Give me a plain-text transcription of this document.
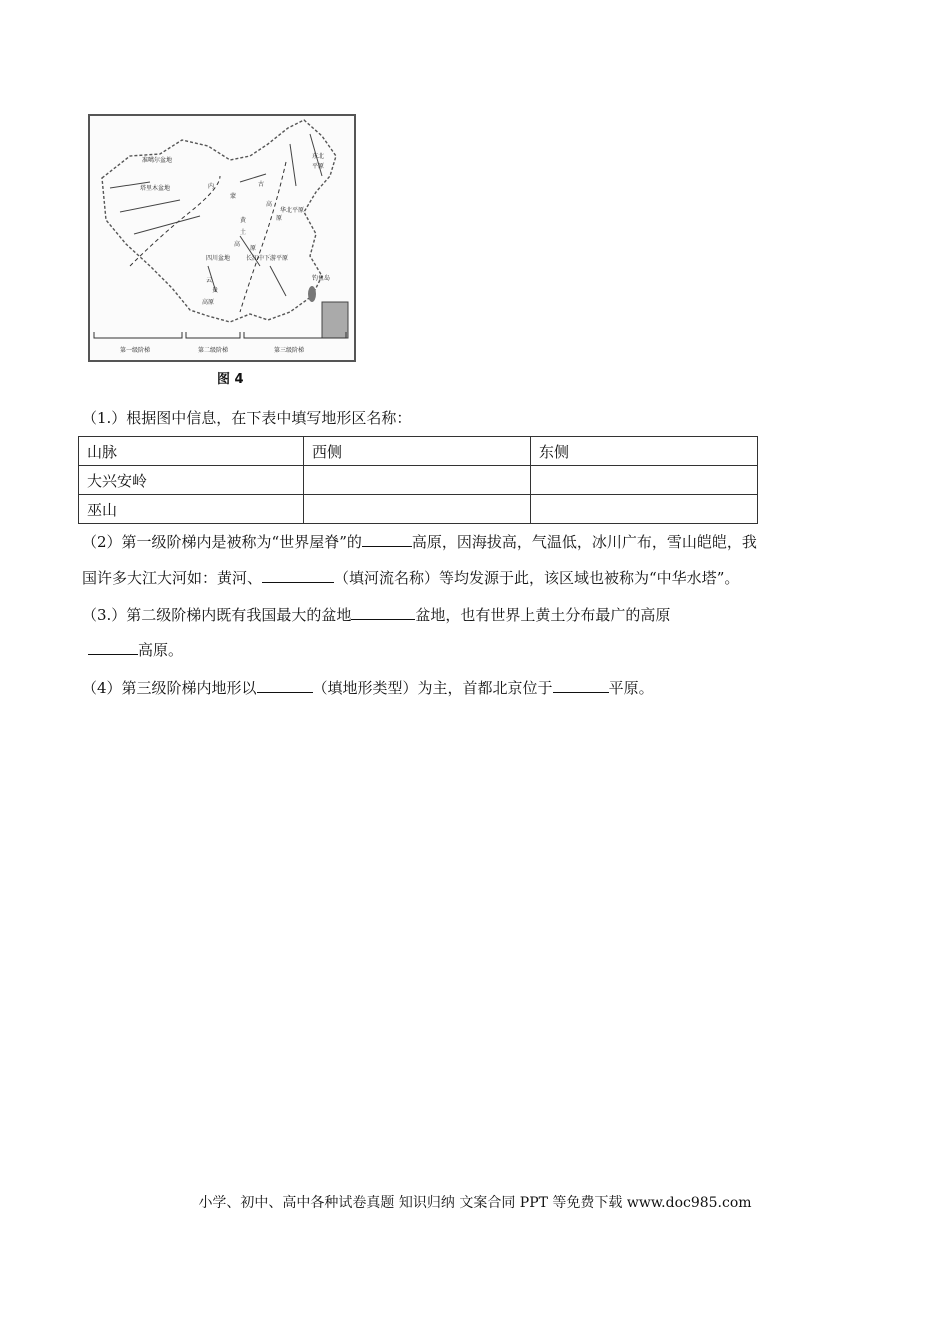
准噶尔盆地
塔里木盆地	内
蒙
古
高
原
东北
平原
黄
土
高
原
华北平原
四川盆地	长江中下游平原
云
贵
高原
钓鱼岛
第一级阶梯	第二级阶梯	第三级阶梯
图 4
（1.）根据图中信息，在下表中填写地形区名称：
山脉	西侧	东侧
大兴安岭		
巫山		
（2）第一级阶梯内是被称为“世界屋脊”的	高原，因海拔高，气温低，冰川广布，雪山皑皑，我
国许多大江大河如：黄河、	（填河流名称）等均发源于此，该区域也被称为“中华水塔”。
（3.）第二级阶梯内既有我国最大的盆地	盆地，也有世界上黄土分布最广的高原
高原。
（4）第三级阶梯内地形以	（填地形类型）为主，首都北京位于	平原。
小学、初中、高中各种试卷真题 知识归纳 文案合同 PPT 等免费下载 www.doc985.com
